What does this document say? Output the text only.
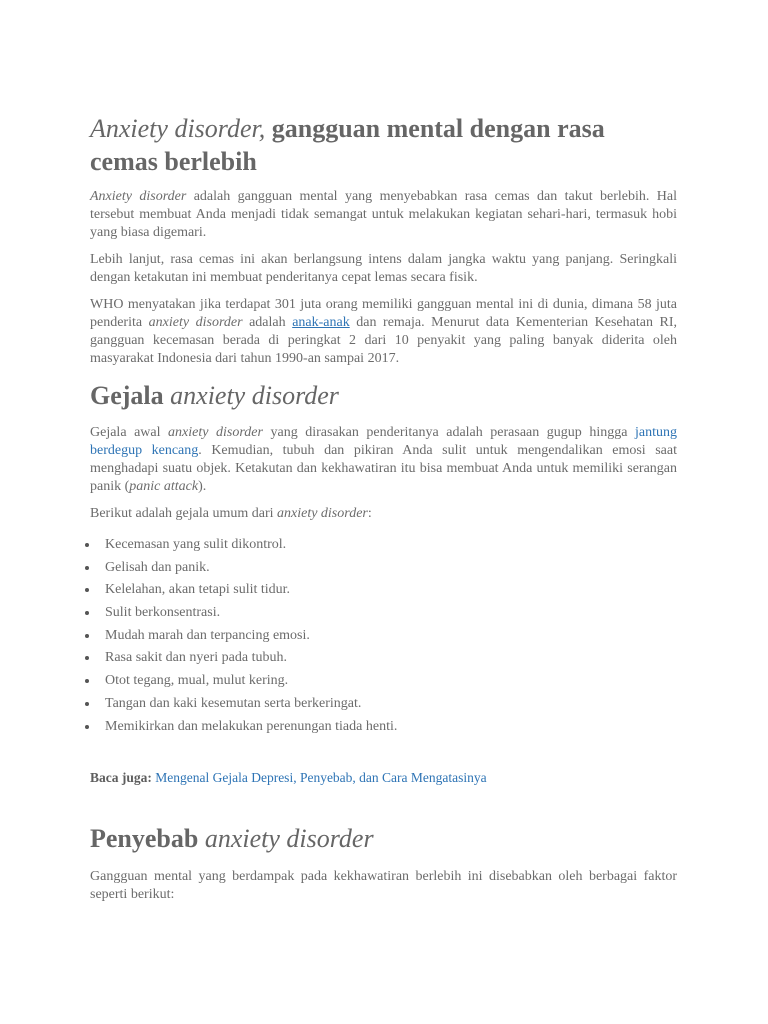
Anxiety disorder, gangguan mental dengan rasa cemas berlebih

Anxiety disorder adalah gangguan mental yang menyebabkan rasa cemas dan takut berlebih. Hal tersebut membuat Anda menjadi tidak semangat untuk melakukan kegiatan sehari-hari, termasuk hobi yang biasa digemari.

Lebih lanjut, rasa cemas ini akan berlangsung intens dalam jangka waktu yang panjang. Seringkali dengan ketakutan ini membuat penderitanya cepat lemas secara fisik.

WHO menyatakan jika terdapat 301 juta orang memiliki gangguan mental ini di dunia, dimana 58 juta penderita anxiety disorder adalah anak-anak dan remaja. Menurut data Kementerian Kesehatan RI, gangguan kecemasan berada di peringkat 2 dari 10 penyakit yang paling banyak diderita oleh masyarakat Indonesia dari tahun 1990-an sampai 2017.

Gejala anxiety disorder

Gejala awal anxiety disorder yang dirasakan penderitanya adalah perasaan gugup hingga jantung berdegup kencang. Kemudian, tubuh dan pikiran Anda sulit untuk mengendalikan emosi saat menghadapi suatu objek. Ketakutan dan kekhawatiran itu bisa membuat Anda untuk memiliki serangan panik (panic attack).

Berikut adalah gejala umum dari anxiety disorder:

Kecemasan yang sulit dikontrol.
Gelisah dan panik.
Kelelahan, akan tetapi sulit tidur.
Sulit berkonsentrasi.
Mudah marah dan terpancing emosi.
Rasa sakit dan nyeri pada tubuh.
Otot tegang, mual, mulut kering.
Tangan dan kaki kesemutan serta berkeringat.
Memikirkan dan melakukan perenungan tiada henti.

Baca juga: Mengenal Gejala Depresi, Penyebab, dan Cara Mengatasinya

Penyebab anxiety disorder

Gangguan mental yang berdampak pada kekhawatiran berlebih ini disebabkan oleh berbagai faktor seperti berikut:
